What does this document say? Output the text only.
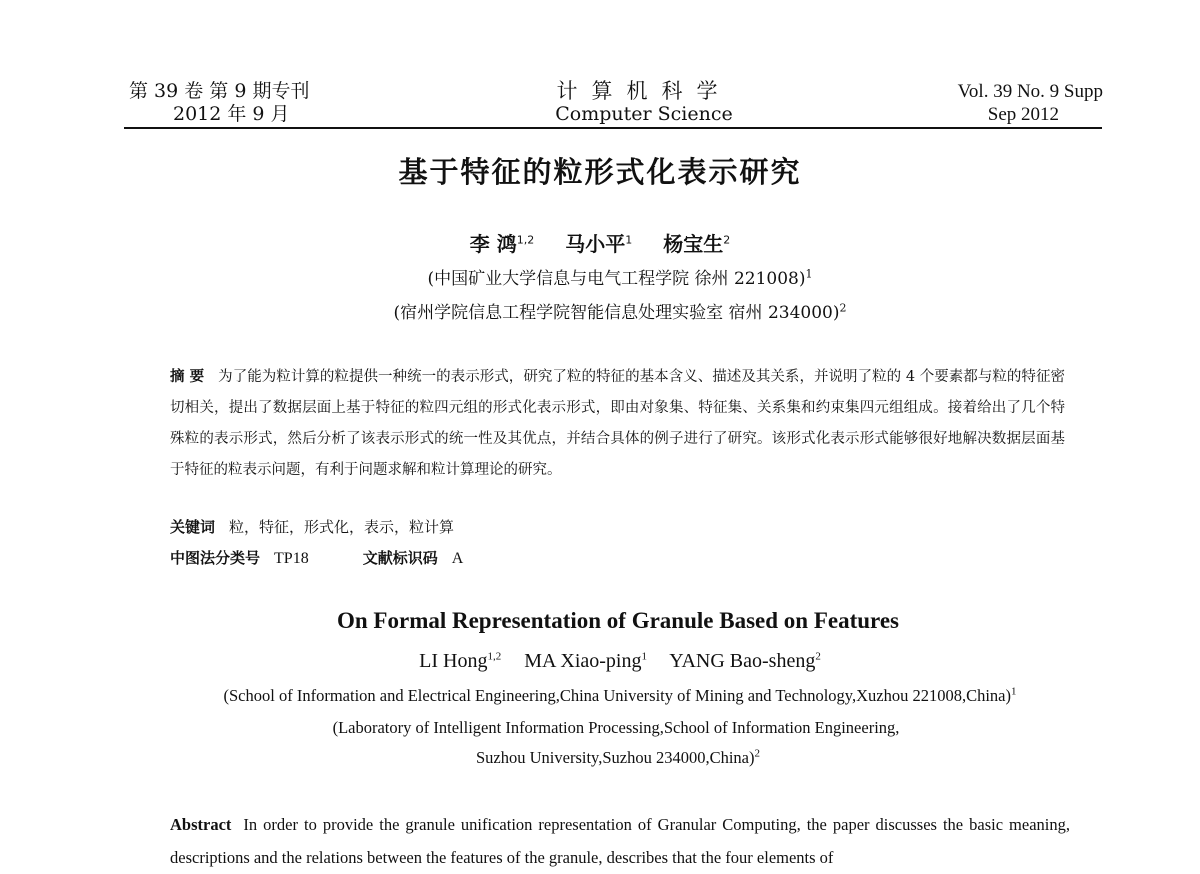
第 39 卷 第 9 期专刊
2012 年 9 月
计算机科学
Computer Science
Vol. 39 No. 9 Supp
Sep 2012
基于特征的粒形式化表示研究
李 鸿$^{1,2}$ 马小平$^1$ 杨宝生$^2$
(中国矿业大学信息与电气工程学院 徐州 221008)$^1$
(宿州学院信息工程学院智能信息处理实验室 宿州 234000)$^2$
摘 要 为了能为粒计算的粒提供一种统一的表示形式，研究了粒的特征的基本含义、描述及其关系，并说明了粒的 4 个要素都与粒的特征密切相关，提出了数据层面上基于特征的粒四元组的形式化表示形式，即由对象集、特征集、关系集和约束集四元组组成。接着给出了几个特殊粒的表示形式，然后分析了该表示形式的统一性及其优点，并结合具体的例子进行了研究。该形式化表示形式能够很好地解决数据层面基于特征的粒表示问题，有利于问题求解和粒计算理论的研究。
关键词 粒，特征，形式化，表示，粒计算
中图法分类号 TP18	文献标识码 A
On Formal Representation of Granule Based on Features
LI Hong$^{1,2}$ MA Xiao-ping$^1$ YANG Bao-sheng$^2$
(School of Information and Electrical Engineering,China University of Mining and Technology,Xuzhou 221008,China)$^1$
(Laboratory of Intelligent Information Processing,School of Information Engineering,
Suzhou University,Suzhou 234000,China)$^2$
Abstract In order to provide the granule unification representation of Granular Computing, the paper discusses the basic meaning, descriptions and the relations between the features of the granule, describes that the four elements of
